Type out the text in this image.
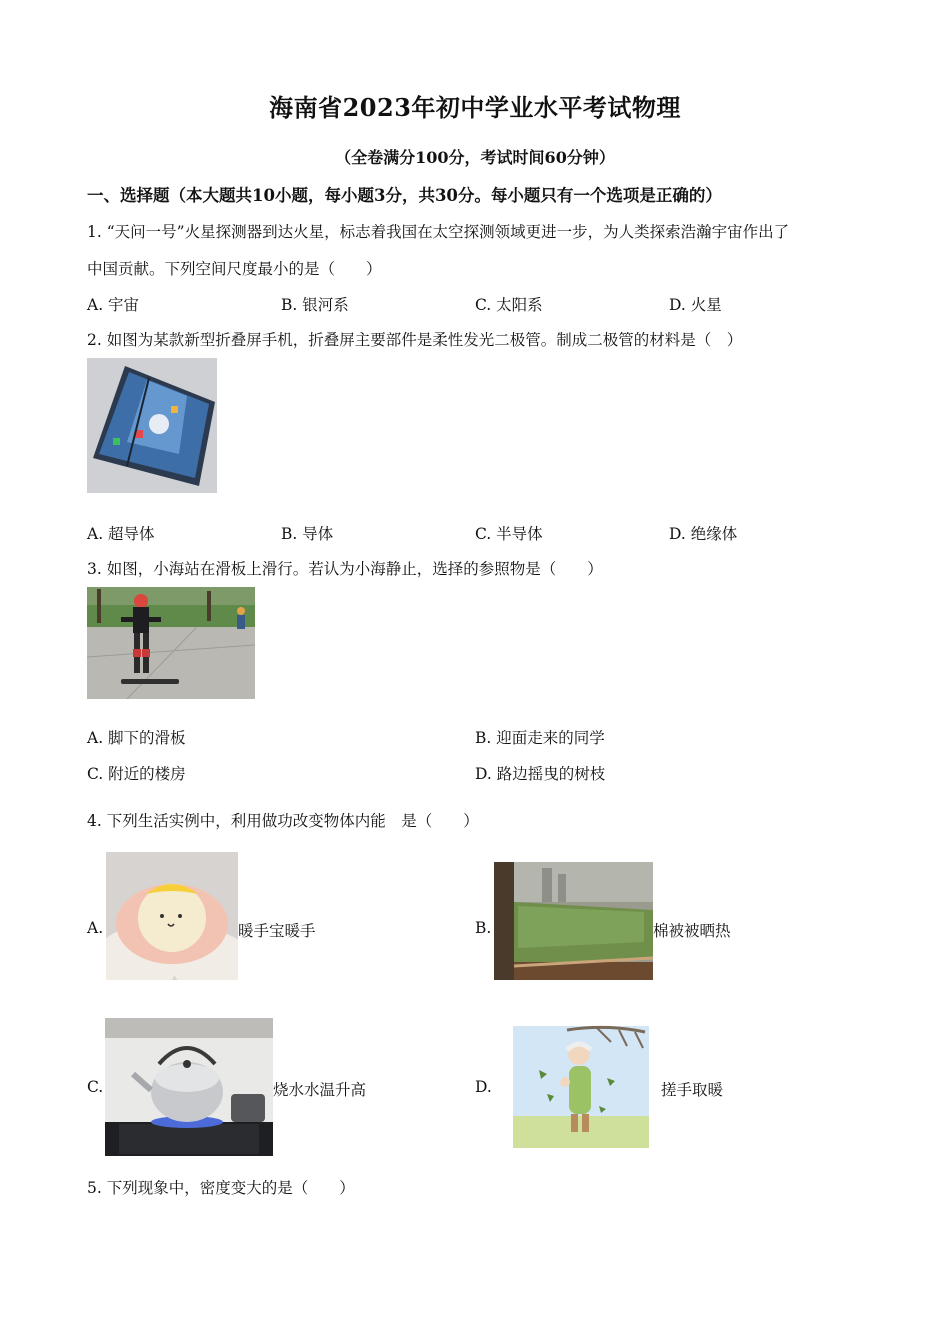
海南省2023年初中学业水平考试物理
（全卷满分100分，考试时间60分钟）
一、选择题（本大题共10小题，每小题3分，共30分。每小题只有一个选项是正确的）
1. “天问一号”火星探测器到达火星，标志着我国在太空探测领域更进一步，为人类探索浩瀚宇宙作出了
中国贡献。下列空间尺度最小的是（　　）
A. 宇宙	B. 银河系	C. 太阳系	D. 火星
2. 如图为某款新型折叠屏手机，折叠屏主要部件是柔性发光二极管。制成二极管的材料是（　）
A. 超导体	B. 导体	C. 半导体	D. 绝缘体
3. 如图，小海站在滑板上滑行。若认为小海静止，选择的参照物是（　　）
A. 脚下的滑板	B. 迎面走来的同学
C. 附近的楼房	D. 路边摇曳的树枝
4. 下列生活实例中，利用做功改变物体内能　是（　　）
A.	暖手宝暖手	B.	棉被被晒热
C.	烧水水温升高	D.	搓手取暖
5. 下列现象中，密度变大的是（　　）
